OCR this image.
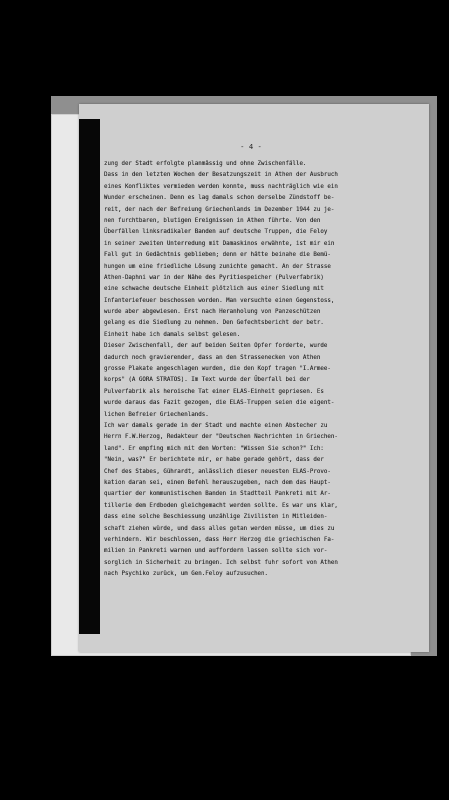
- 4 -
zung der Stadt erfolgte planmässig und ohne Zwischenfälle.
Dass in den letzten Wochen der Besatzungszeit in Athen der Ausbruch
eines Konfliktes vermieden werden konnte, muss nachträglich wie ein
Wunder erscheinen. Denn es lag damals schon derselbe Zündstoff be-
reit, der nach der Befreiung Griechenlands im Dezember 1944 zu je-
nen furchtbaren, blutigen Ereignissen in Athen führte. Von den
Überfällen linksradikaler Banden auf deutsche Truppen, die Feloy
in seiner zweiten Unterredung mit Damaskinos erwähnte, ist mir ein
Fall gut in Gedächtnis geblieben; denn er hätte beinahe die Bemü-
hungen um eine friedliche Lösung zunichte gemacht. An der Strasse
Athen-Daphni war in der Nähe des Pyritiespeicher (Pulverfabrik)
eine schwache deutsche Einheit plötzlich aus einer Siedlung mit
Infanteriefeuer beschossen worden. Man versuchte einen Gegenstoss,
wurde aber abgewiesen. Erst nach Heranholung von Panzeschützen
gelang es die Siedlung zu nehmen. Den Gefechtsbericht der betr.
Einheit habe ich damals selbst gelesen.
Dieser Zwischenfall, der auf beiden Seiten Opfer forderte, wurde
dadurch noch gravierender, dass an den Strassenecken von Athen
grosse Plakate angeschlagen wurden, die den Kopf tragen "I.Armee-
korps" (A GORA STRATOS). Im Text wurde der Überfall bei der
Pulverfabrik als heroische Tat einer ELAS-Einheit gepriesen. Es
wurde daraus das Fazit gezogen, die ELAS-Truppen seien die eigent-
lichen Befreier Griechenlands.
Ich war damals gerade in der Stadt und machte einen Abstecher zu
Herrn F.W.Herzog, Redakteur der "Deutschen Nachrichten in Griechen-
land". Er empfing mich mit den Worten: "Wissen Sie schon?" Ich:
"Nein, was?" Er berichtete mir, er habe gerade gehört, dass der
Chef des Stabes, Gührardt, anlässlich dieser neuesten ELAS-Provo-
kation daran sei, einen Befehl herauszugeben, nach dem das Haupt-
quartier der kommunistischen Banden in Stadtteil Pankreti mit Ar-
tillerie dem Erdboden gleichgemacht werden sollte. Es war uns klar,
dass eine solche Beschiessung unzählige Zivilisten in Mitleiden-
schaft ziehen würde, und dass alles getan werden müsse, um dies zu
verhindern. Wir beschlossen, dass Herr Herzog die griechischen Fa-
milien in Pankreti warnen und auffordern lassen sollte sich vor-
sorglich in Sicherheit zu bringen. Ich selbst fuhr sofort von Athen
nach Psychiko zurück, um Gen.Feloy aufzusuchen.
